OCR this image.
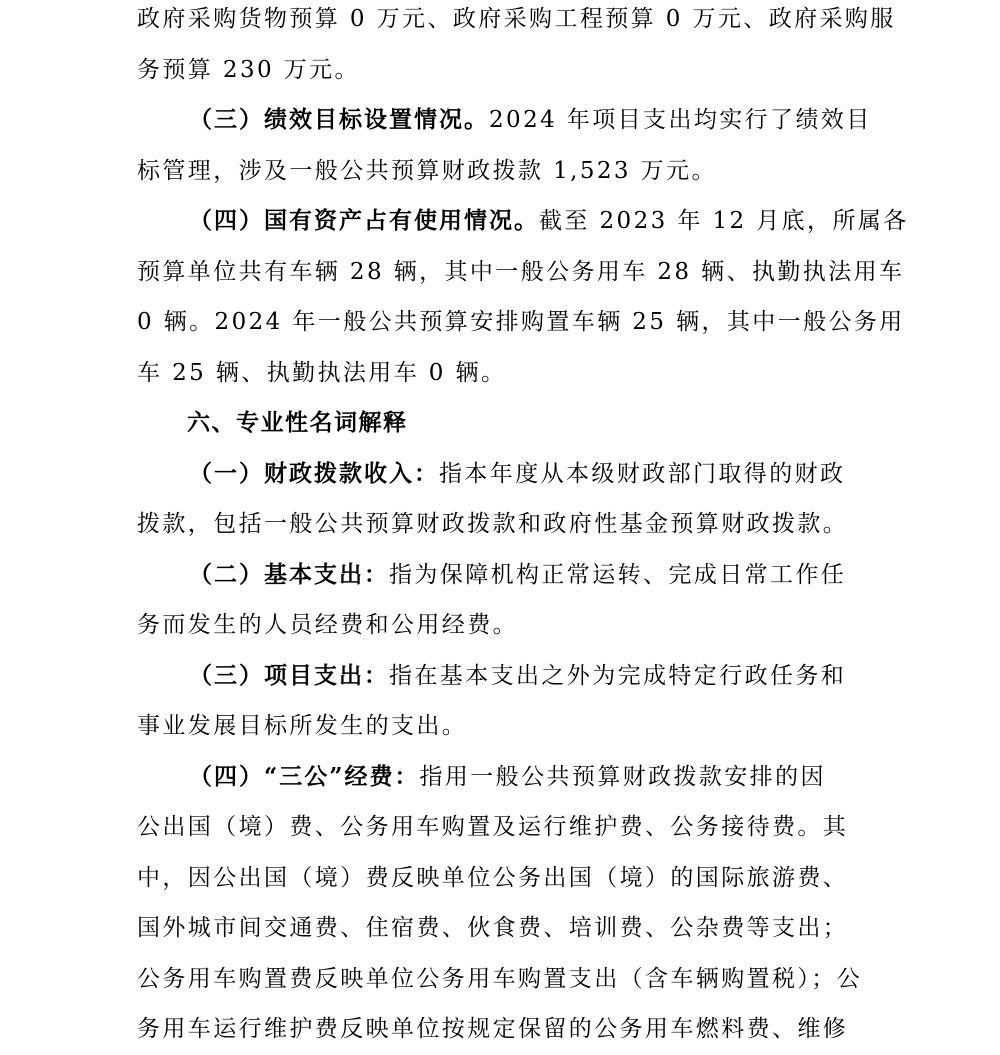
政府采购货物预算 0 万元、政府采购工程预算 0 万元、政府采购服
务预算 230 万元。
（三）绩效目标设置情况。2024 年项目支出均实行了绩效目
标管理，涉及一般公共预算财政拨款 1,523 万元。
（四）国有资产占有使用情况。截至 2023 年 12 月底，所属各
预算单位共有车辆 28 辆，其中一般公务用车 28 辆、执勤执法用车
0 辆。2024 年一般公共预算安排购置车辆 25 辆，其中一般公务用
车 25 辆、执勤执法用车 0 辆。
六、专业性名词解释
（一）财政拨款收入：指本年度从本级财政部门取得的财政
拨款，包括一般公共预算财政拨款和政府性基金预算财政拨款。
（二）基本支出：指为保障机构正常运转、完成日常工作任
务而发生的人员经费和公用经费。
（三）项目支出：指在基本支出之外为完成特定行政任务和
事业发展目标所发生的支出。
（四）“三公”经费：指用一般公共预算财政拨款安排的因
公出国（境）费、公务用车购置及运行维护费、公务接待费。其
中，因公出国（境）费反映单位公务出国（境）的国际旅游费、
国外城市间交通费、住宿费、伙食费、培训费、公杂费等支出；
公务用车购置费反映单位公务用车购置支出（含车辆购置税）；公
务用车运行维护费反映单位按规定保留的公务用车燃料费、维修
